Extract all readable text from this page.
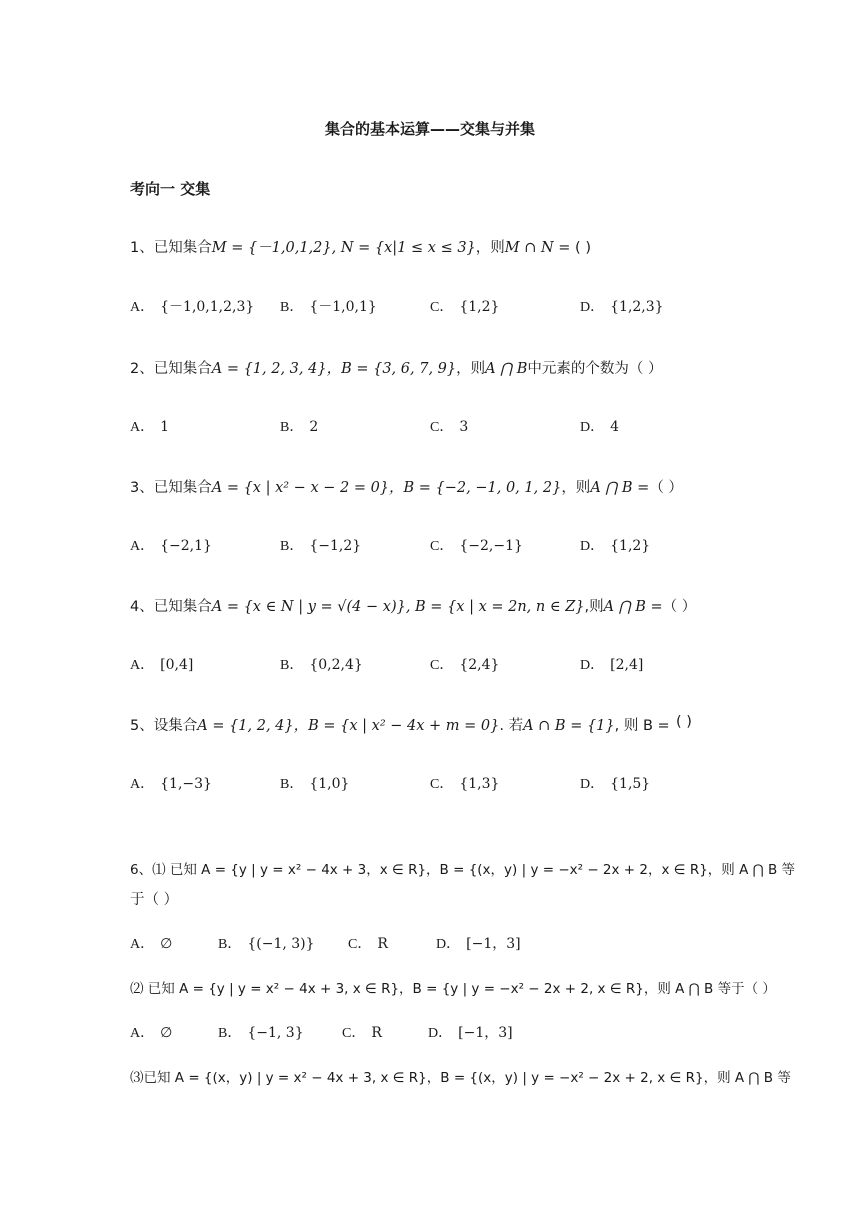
集合的基本运算——交集与并集
考向一 交集
1、已知集合M = {－1,0,1,2}, N = {x|1 ≤ x ≤ 3}，则M ∩ N = ( )
A． {－1,0,1,2,3} B． {－1,0,1}	C． {1,2}	D． {1,2,3}
2、已知集合A = {1, 2, 3, 4}，B = {3, 6, 7, 9}，则A ⋂ B中元素的个数为（ ）
A． 1	B． 2	C． 3	D． 4
3、已知集合A = {x | x² − x − 2 = 0}，B = {−2, −1, 0, 1, 2}，则A ⋂ B =（ ）
A． {−2,1}	B． {−1,2}	C． {−2,−1}	D． {1,2}
4、已知集合A = {x ∈ N | y = √(4 − x)}, B = {x | x = 2n, n ∈ Z},则A ⋂ B =（ ）
A． [0,4]	B． {0,2,4}	C． {2,4}	D． [2,4]
5、设集合A = {1, 2, 4}，B = {x | x² − 4x + m = 0}. 若A ∩ B = {1}, 则 B = ( )
A． {1,−3}	B． {1,0}	C． {1,3}	D． {1,5}
6、⑴ 已知 A = {y | y = x² − 4x + 3，x ∈ R}，B = {(x，y) | y = −x² − 2x + 2，x ∈ R}，则 A ⋂ B 等
于（ ）
A． ∅	B． {(−1, 3)} C． R	D． [−1，3]
⑵ 已知 A = {y | y = x² − 4x + 3, x ∈ R}，B = {y | y = −x² − 2x + 2, x ∈ R}，则 A ⋂ B 等于（ ）
A． ∅	B． {−1, 3}	C． R	D． [−1，3]
⑶已知 A = {(x，y) | y = x² − 4x + 3, x ∈ R}，B = {(x，y) | y = −x² − 2x + 2, x ∈ R}，则 A ⋂ B 等
